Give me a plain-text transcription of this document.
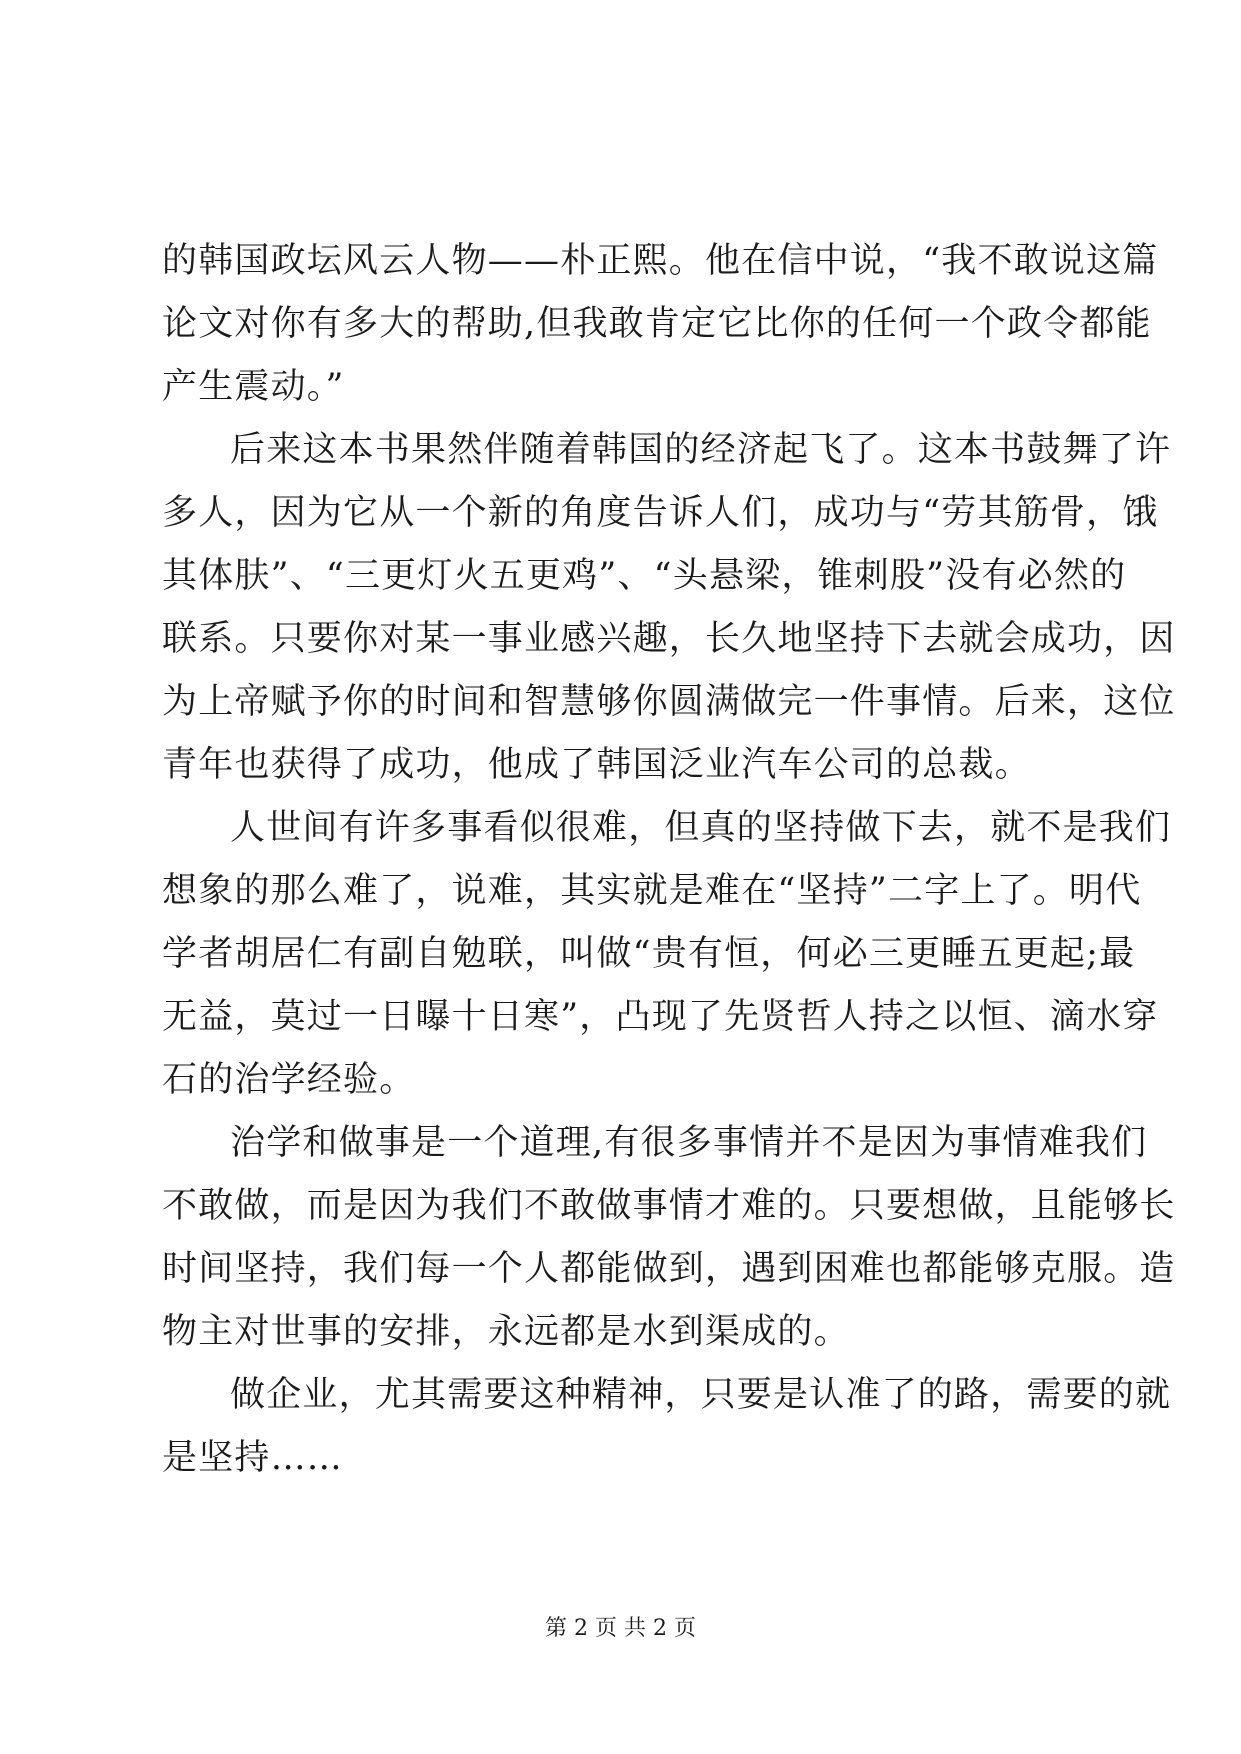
的韩国政坛风云人物——朴正熙。他在信中说，“我不敢说这篇
论文对你有多大的帮助,但我敢肯定它比你的任何一个政令都能
产生震动。”
后来这本书果然伴随着韩国的经济起飞了。这本书鼓舞了许
多人，因为它从一个新的角度告诉人们，成功与“劳其筋骨，饿
其体肤”、“三更灯火五更鸡”、“头悬梁，锥刺股”没有必然的
联系。只要你对某一事业感兴趣，长久地坚持下去就会成功，因
为上帝赋予你的时间和智慧够你圆满做完一件事情。后来，这位
青年也获得了成功，他成了韩国泛业汽车公司的总裁。
人世间有许多事看似很难，但真的坚持做下去，就不是我们
想象的那么难了，说难，其实就是难在“坚持”二字上了。明代
学者胡居仁有副自勉联，叫做“贵有恒，何必三更睡五更起;最
无益，莫过一日曝十日寒”，凸现了先贤哲人持之以恒、滴水穿
石的治学经验。
治学和做事是一个道理,有很多事情并不是因为事情难我们
不敢做，而是因为我们不敢做事情才难的。只要想做，且能够长
时间坚持，我们每一个人都能做到，遇到困难也都能够克服。造
物主对世事的安排，永远都是水到渠成的。
做企业，尤其需要这种精神，只要是认准了的路，需要的就
是坚持……
第 2 页 共 2 页
